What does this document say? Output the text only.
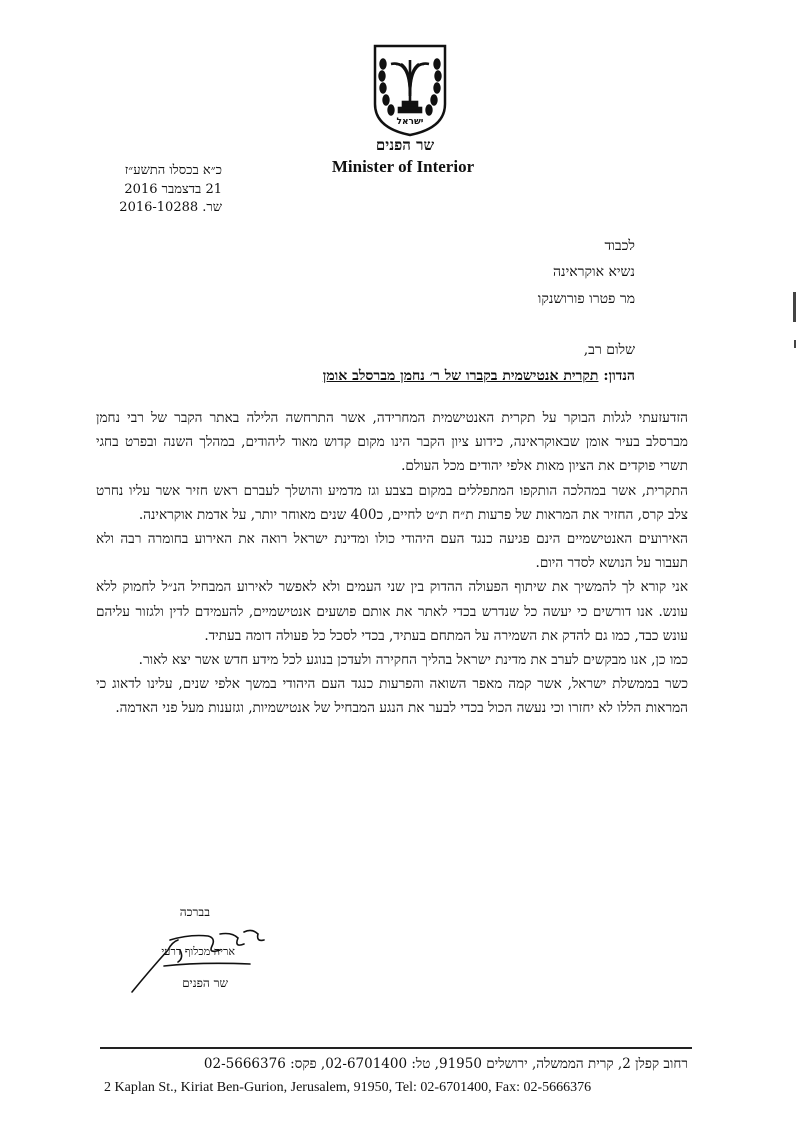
ישראל
שר הפנים
Minister of Interior
כ״א בכסלו התשע״ז
21 בדצמבר 2016
שר. 2016-10288
לכבוד
נשיא אוקראינה
מר פטרו פורושנקו
שלום רב,
הנדון: תקרית אנטישמית בקברו של ר׳ נחמן מברסלב אומן

הזדעזעתי לגלות הבוקר על תקרית האנטישמית המחרידה, אשר התרחשה הלילה באתר הקבר של רבי נחמן מברסלב בעיר אומן שבאוקראינה, כידוע ציון הקבר הינו מקום קדוש מאוד ליהודים, במהלך השנה ובפרט בחגי תשרי פוקדים את הציון מאות אלפי יהודים מכל העולם.

התקרית, אשר במהלכה הותקפו המתפללים במקום בצבע וגז מדמיע והושלך לעברם ראש חזיר אשר עליו נחרט צלב קרס, החזיר את המראות של פרעות ת״ח ת״ט לחיים, כ400 שנים מאוחר יותר, על אדמת אוקראינה.

האירועים האנטישמיים הינם פגיעה כנגד העם היהודי כולו ומדינת ישראל רואה את האירוע בחומרה רבה ולא תעבור על הנושא לסדר היום.

אני קורא לך להמשיך את שיתוף הפעולה ההדוק בין שני העמים ולא לאפשר לאירוע המבחיל הנ״ל לחמוק ללא עונש. אנו דורשים כי יעשה כל שנדרש בכדי לאתר את אותם פושעים אנטישמיים, להעמידם לדין ולגזור עליהם עונש כבד, כמו גם להדק את השמירה על המתחם בעתיד, בכדי לסכל כל פעולה דומה בעתיד.

כמו כן, אנו מבקשים לערב את מדינת ישראל בהליך החקירה ולעדכן בנוגע לכל מידע חדש אשר יצא לאור.

כשר בממשלת ישראל, אשר קמה מאפר השואה והפרעות כנגד העם היהודי במשך אלפי שנים, עלינו לדאוג כי המראות הללו לא יחזרו וכי נעשה הכול בכדי לבער את הנגע המבחיל של אנטישמיות, וגזענות מעל פני האדמה.

בברכה
אריה מכלוף דרעי
שר הפנים
רחוב קפלן 2, קרית הממשלה, ירושלים 91950, טל: 02-6701400, פקס: 02-5666376
2 Kaplan St., Kiriat Ben-Gurion, Jerusalem, 91950, Tel: 02-6701400, Fax: 02-5666376
